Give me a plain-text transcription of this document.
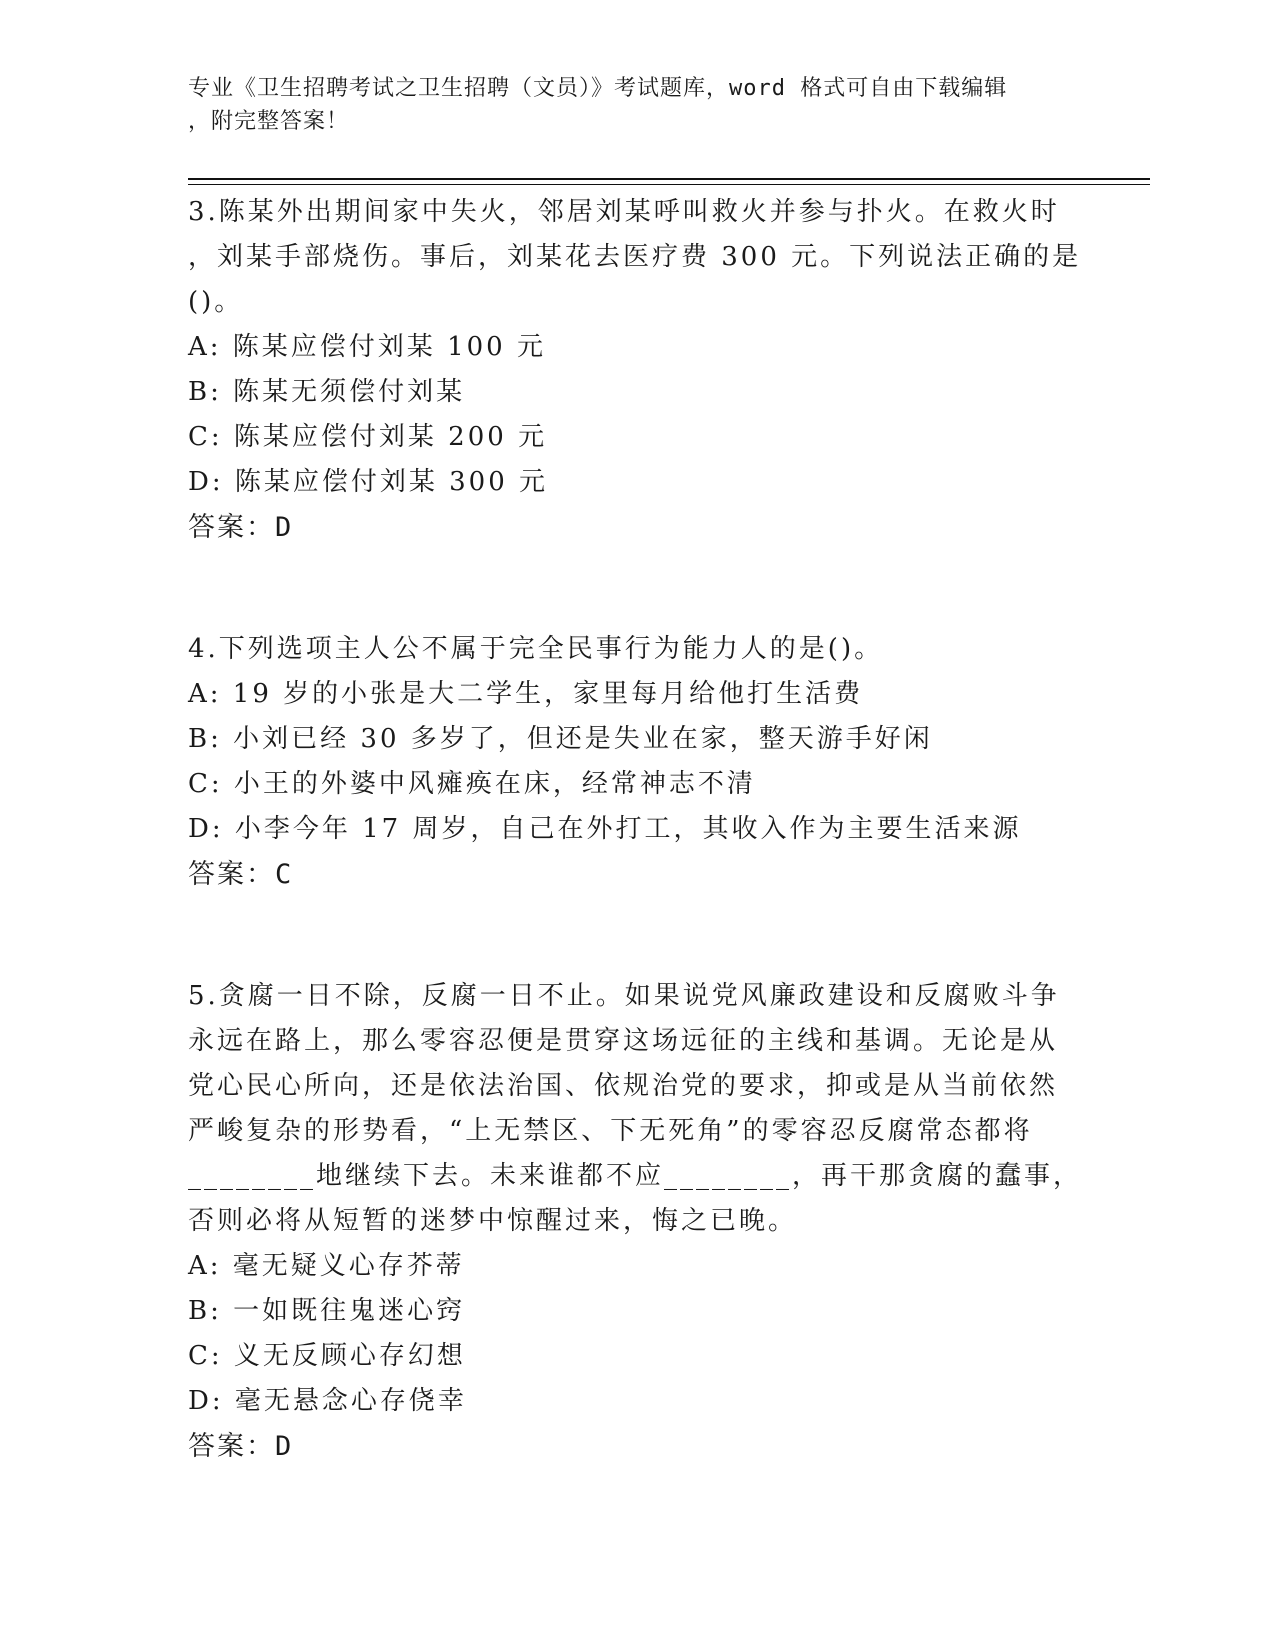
专业《卫生招聘考试之卫生招聘（文员）》考试题库，word 格式可自由下载编辑
，附完整答案！
3.陈某外出期间家中失火，邻居刘某呼叫救火并参与扑火。在救火时
，刘某手部烧伤。事后，刘某花去医疗费 300 元。下列说法正确的是
()。
A: 陈某应偿付刘某 100 元
B: 陈某无须偿付刘某
C: 陈某应偿付刘某 200 元
D: 陈某应偿付刘某 300 元
答案：D
4.下列选项主人公不属于完全民事行为能力人的是()。
A: 19 岁的小张是大二学生，家里每月给他打生活费
B: 小刘已经 30 多岁了，但还是失业在家，整天游手好闲
C: 小王的外婆中风瘫痪在床，经常神志不清
D: 小李今年 17 周岁，自己在外打工，其收入作为主要生活来源
答案：C
5.贪腐一日不除，反腐一日不止。如果说党风廉政建设和反腐败斗争
永远在路上，那么零容忍便是贯穿这场远征的主线和基调。无论是从
党心民心所向，还是依法治国、依规治党的要求，抑或是从当前依然
严峻复杂的形势看，“上无禁区、下无死角”的零容忍反腐常态都将
________地继续下去。未来谁都不应________，再干那贪腐的蠢事，
否则必将从短暂的迷梦中惊醒过来，悔之已晚。
A: 毫无疑义心存芥蒂
B: 一如既往鬼迷心窍
C: 义无反顾心存幻想
D: 毫无悬念心存侥幸
答案：D
